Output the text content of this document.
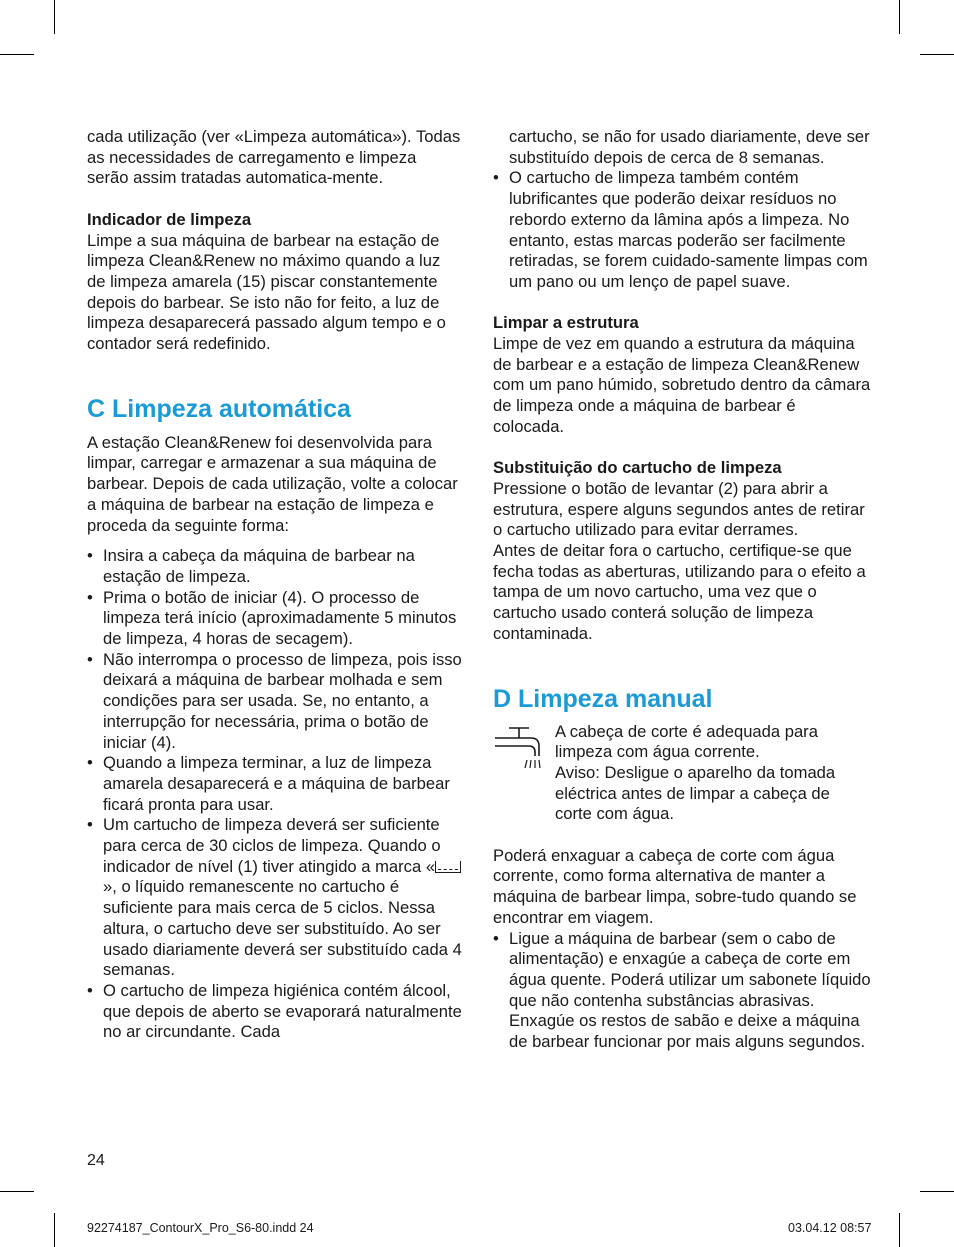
cada utilização (ver «Limpeza automática»). Todas as necessidades de carregamento e limpeza serão assim tratadas automatica-mente.

Indicador de limpeza

Limpe a sua máquina de barbear na estação de limpeza Clean&Renew no máximo quando a luz de limpeza amarela (15) piscar constantemente depois do barbear. Se isto não for feito, a luz de limpeza desaparecerá passado algum tempo e o contador será redefinido.

C Limpeza automática

A estação Clean&Renew foi desenvolvida para limpar, carregar e armazenar a sua máquina de barbear. Depois de cada utilização, volte a colocar a máquina de barbear na estação de limpeza e proceda da seguinte forma:

• Insira a cabeça da máquina de barbear na estação de limpeza.
• Prima o botão de iniciar (4). O processo de limpeza terá início (aproximadamente 5 minutos de limpeza, 4 horas de secagem).
• Não interrompa o processo de limpeza, pois isso deixará a máquina de barbear molhada e sem condições para ser usada. Se, no entanto, a interrupção for necessária, prima o botão de iniciar (4).
• Quando a limpeza terminar, a luz de limpeza amarela desaparecerá e a máquina de barbear ficará pronta para usar.
• Um cartucho de limpeza deverá ser suficiente para cerca de 30 ciclos de limpeza. Quando o indicador de nível (1) tiver atingido a marca «», o líquido remanescente no cartucho é suficiente para mais cerca de 5 ciclos. Nessa altura, o cartucho deve ser substituído. Ao ser usado diariamente deverá ser substituído cada 4 semanas.
• O cartucho de limpeza higiénica contém álcool, que depois de aberto se evaporará naturalmente no ar circundante. Cada

cartucho, se não for usado diariamente, deve ser substituído depois de cerca de 8 semanas.

• O cartucho de limpeza também contém lubrificantes que poderão deixar resíduos no rebordo externo da lâmina após a limpeza. No entanto, estas marcas poderão ser facilmente retiradas, se forem cuidado-samente limpas com um pano ou um lenço de papel suave.

Limpar a estrutura

Limpe de vez em quando a estrutura da máquina de barbear e a estação de limpeza Clean&Renew com um pano húmido, sobretudo dentro da câmara de limpeza onde a máquina de barbear é colocada.

Substituição do cartucho de limpeza

Pressione o botão de levantar (2) para abrir a estrutura, espere alguns segundos antes de retirar o cartucho utilizado para evitar derrames.

Antes de deitar fora o cartucho, certifique-se que fecha todas as aberturas, utilizando para o efeito a tampa de um novo cartucho, uma vez que o cartucho usado conterá solução de limpeza contaminada.

D Limpeza manual

A cabeça de corte é adequada para limpeza com água corrente.

Aviso: Desligue o aparelho da tomada eléctrica antes de limpar a cabeça de corte com água.

Poderá enxaguar a cabeça de corte com água corrente, como forma alternativa de manter a máquina de barbear limpa, sobre-tudo quando se encontrar em viagem.

• Ligue a máquina de barbear (sem o cabo de alimentação) e enxagúe a cabeça de corte em água quente. Poderá utilizar um sabonete líquido que não contenha substâncias abrasivas. Enxagúe os restos de sabão e deixe a máquina de barbear funcionar por mais alguns segundos.
24
92274187_ContourX_Pro_S6-80.indd 24	03.04.12 08:57
